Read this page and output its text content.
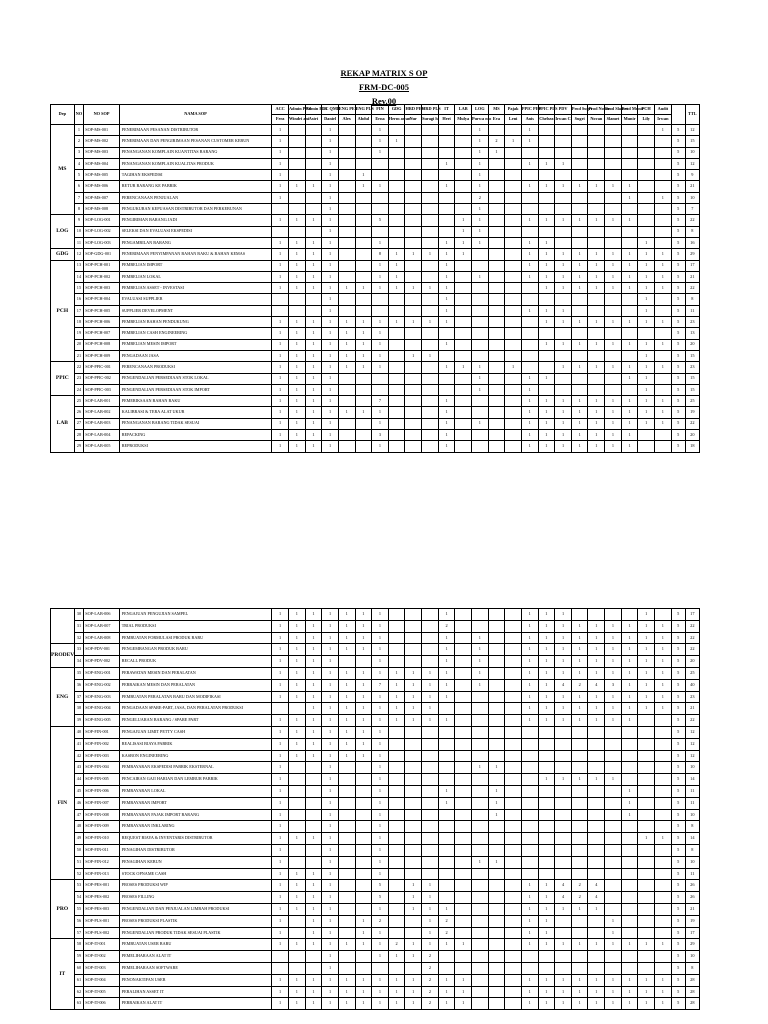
REKAP MATRIX S OP
FRM-DC-005
Rev.00
Dep	NO	NO SOP	NAMA SOP	ACC	Admin PES	Admin PLS	DC QMR	ENG PES	ENG PLS	FIN	GDG	HRD PES	HRD PLS	IT	LAB	LOG	MS	Pajak	PPIC PES	PPIC PLS	PDV	Prod Sugri	Prod Novan	Prod Slamet	Prod Munir	PCH	Audit		TTL
				Fera	Windri ani	Astri	Daniel	Alex	Abdul	Erna	Herm awan	Nur	Suragi h	Heri	Mulya	Purwa nto	Eva	Leni	Anis	Chelsea	Irwan C	Sugri	Novan	Slamet	Munir	Lily	Irwan		
MS	1	SOP-MS-001	PENERIMAAN PESANAN DISTRIBUTOR	1			1			1						1			1								1	5	12
	2	SOP-MS-002	PENERIMAAN DAN PENGIRIMAAN PESANAN CUSTOMER KEBUN	1			1			1	1					1	2	1	1									5	15
	3	SOP-MS-003	PENANGANAN KOMPLAIN KUANTITAS BARANG	1			1			1						1	1											5	10
	4	SOP-MS-004	PENANGANAN KOMPLAIN KUALITAS PRODUK	1			1							1		1			1	1	1							5	12
	5	SOP-MS-005	TAGIHAN EKSPEDISI	1			1		1							1												5	9
	6	SOP-MS-006	RETUR BARANG KE PABRIK	1	1	1	1		1	1				1		1			1	1	1	1	1	1	1			5	21
	7	SOP-MS-007	PERENCANAAN PENJUALAN	1			1									2									1		1	5	10
	8	SOP-MS-008	PENGUKURAN KEPUASAN DISTRIBUTOR DAN PERKEBUNAN				1									1												5	7
LOG	9	SOP-LOG-001	PENGIRIMAN BARANG JADI	1	1	1	1			5					1	1			1	1	1	1	1	1	1			5	22
	10	SOP-LOG-002	SELEKSI DAN EVALUASI EKSPEDISI				1								1	1												5	8
	11	SOP-LOG-003	PENGAMBILAN BARANG	1	1	1	1			1				1	1	1			1	1						1		5	16
GDG	12	SOP-GDG-001	PENERIMAAN PENYIMPANAN BAHAN BAKU & BAHAN KEMAS	1	1	1	1			8	1	1	1	1	1				1	1	1	1	1	1	1	1	1	5	29
PCH	13	SOP-PCH-001	PEMBELIAN IMPORT	1	1	1	1			1	1			1					1	1	1	1	1	1	1	1	1	5	17
	14	SOP-PCH-002	PEMBELIAN LOKAL	1	1	1	1			1	1			1		1			1	1	1	1	1	1	1	1	1	5	21
	15	SOP-PCH-003	PEMBELIAN ASSET - INVESTASI	1	1	1	1	1	1	1	1	1	1	1						1	1	1	1	1	1	1	1	5	22
	16	SOP-PCH-004	EVALUASI SUPPLIER				1							1												1		5	8
	17	SOP-PCH-005	SUPPLIER DEVELOPMENT				1							1					1	1	1					1		5	11
	18	SOP-PCH-006	PEMBELIAN BAHAN PENDUKUNG	1	1	1	1	1	1	1	1	1	1	1						1	1	1	1	1	1	1	1	5	23
	19	SOP-PCH-007	PEMBELIAN CASH ENGINEERING	1	1	1	1	1	1	1																		5	13
	20	SOP-PCH-008	PEMBELIAN MESIN IMPORT	1	1	1	1	1	1	1				1						1	1	1	1	1	1	1	1	5	20
	21	SOP-PCH-009	PENGADAAN JASA	1	1	1	1	1	1	1		1	1													1		5	15
PPIC	22	SOP-PPIC-001	PERENCANAAN PRODUKSI	1	1	1	1	1	1	1				1	1	1		1			1	1	1	1	1	1	1	5	23
	23	SOP-PPIC-002	PENGENDALIAN PERSEDIAAN STOK LOKAL	1	1	1	1									1			1	1					1	1		5	15
	24	SOP-PPIC-003	PENGENDALIAN PERSEDIAAN STOK IMPORT	1	1	1	1									1			1							1		5	15
LAB	25	SOP-LAB-001	PEMERIKSAAN BAHAN BAKU	1	1	1	1			7				1					1	1	1	1	1	1	1	1	1	5	25
	26	SOP-LAB-002	KALIBRASI & TERA ALAT UKUR	1	1	1	1	1	1	1				1					1	1	1	1	1	1	1	1	1	5	19
	27	SOP-LAB-003	PENANGANAN BARANG TIDAK SESUAI	1	1	1	1			1				1		1			1	1	1	1	1	1	1	1	1	5	22
	28	SOP-LAB-004	REPACKING	1	1	1	1			3				1					1	1	1	1	1	1	1			5	20
	29	SOP-LAB-005	REPRODUKSI	1	1	1	1			1				1					1	1	1	1	1	1	1			5	18
	30	SOP-LAB-006	PENGAJUAN PENGUJIAN SAMPEL	1	1	1	1	1	1	1				1					1	1	1					1		5	17
	31	SOP-LAB-007	TRIAL PRODUKSI	1	1	1	1	1	1	1				2					1	1	1	1	1	1	1	1	1	5	22
	32	SOP-LAB-008	PEMBUATAN FORMULASI PRODUK BARU	1	1	1	1	1	1	1				1		1			1	1	1	1	1	1	1	1	1	5	22
PRODEV	33	SOP-PDV-001	PENGEMBANGAN PRODUK BARU	1	1	1	1	1	1	1				1		1			1	1	1	1	1	1	1	1	1	5	22
	34	SOP-PDV-002	RECALL PRODUK	1	1	1	1			1				1		1			1	1	1	1	1	1	1	1	1	5	20
ENG	35	SOP-ENG-001	PERAWATAN MESIN DAN PERALATAN	1	1	1	1	1	1	1	1	1	1	1		1			1	1	1	1	1	1	1	1	1	5	25
	36	SOP-ENG-002	PERBAIKAN MESIN DAN PERALATAN	1	1	1	1	1	1	7	1	1	1	1		1			1	1	4	2	4	3	1	1	1	5	40
	37	SOP-ENG-003	PEMBUATAN PERALATAN BARU DAN MODIFIKASI	1	1	1	1	1	1	1	1	1	1	1					1	1	1	1	1	1	1	1	1	5	23
	38	SOP-ENG-004	PENGADAAN SPARE-PART, JASA, DAN PERALATAN PRODUKSI			1	1	1	1	1	1	1	1						1	1	1	1	1	1	1	1	1	5	21
	39	SOP-ENG-005	PENGELUARAN BARANG / SPARE PART	1	1	1	1	1	1	1	1	1	1	1					1	1	1	1	1	1	1			5	22
FIN	40	SOP-FIN-001	PENGAJUAN LIMIT PETTY CASH	1	1	1	1	1	1	1																		5	12
	41	SOP-FIN-002	REALISASI BIAYA PABRIK	1	1	1	1	1	1	1																		5	12
	42	SOP-FIN-003	KASBON ENGINEERING	1	1	1	1	1	1	1																		5	12
	43	SOP-FIN-004	PEMBAYARAN EKSPEDISI PABRIK EKSTERNAL	1			1			1						1	1											5	10
	44	SOP-FIN-005	PENCAIRAN GAJI HARIAN DAN LEMBUR PABRIK	1			1			1										1	1	1	1	1				5	14
	45	SOP-FIN-006	PEMBAYARAN LOKAL	1			1			1				1			1								1			5	11
	46	SOP-FIN-007	PEMBAYARAN IMPORT	1			1			1				1			1								1			5	11
	47	SOP-FIN-008	PEMBAYARAN PAJAK IMPORT BARANG	1			1			1							1								1			5	10
	48	SOP-FIN-009	PEMBAYARAN INKLARING	1			1			1																		5	8
	49	SOP-FIN-010	REQUEST BIAYA & INVENTARIS DISTRIBUTOR	1	1	1	1			1																1	1	5	14
	50	SOP-FIN-011	PENAGIHAN DISTRIBUTOR	1			1			1																		5	8
	51	SOP-FIN-012	PENAGIHAN KEBUN	1			1			1						1	1											5	10
	52	SOP-FIN-013	STOCK OPNAME CASH	1	1	1	1			1																		5	11
PRO	53	SOP-PES-001	PROSES PRODUKSI WIP	1	1	1	1			5		1	1						1	1	4	2	4					5	26
	54	SOP-PES-002	PROSES FILLING	1	1	1	1			5		1	1						1	1	4	2	4					5	26
	55	SOP-PES-003	PENGENDALIAN DAN PENJUALAN LIMBAH PRODUKSI	1	1	1	1			1		1	1	1					1	1	1	1	1					5	21
	56	SOP-PLS-001	PROSES PRODUKSI PLASTIK	1		1	1		1	2			1	2					1	1				1				5	19
	57	SOP-PLS-002	PENGENDALIAN PRODUK TIDAK SESUAI PLASTIK	1		1	1		1	1			1	2					1	1				1				5	17
IT	58	SOP-IT-001	PEMBUATAN USER BARU	1	1	1	1	1	1	1	2	1	1	1	1				1	1	1	1	1	1	1	1	1	5	29
	59	SOP-IT-002	PEMELIHARAAN ALAT IT				1			1	1	1	2															5	10
	60	SOP-IT-003	PEMELIHARAAN SOFTWARE				1						2															5	8
	61	SOP-IT-004	PENONAKTIFAN USER	1	1	1	1	1	1	1	1	1	2	1	1				1	1	1	1	1	1	1	1	1	5	28
	62	SOP-IT-005	PERALIHAN ASSET IT	1	1	1	1	1	1	1	1	1	2	1	1				1	1	1	1	1	1	1	1	1	5	28
	63	SOP-IT-006	PERBAIKAN ALAT IT	1	1	1	1	1	1	1	1	1	2	1	1				1	1	1	1	1	1	1	1	1	5	28
